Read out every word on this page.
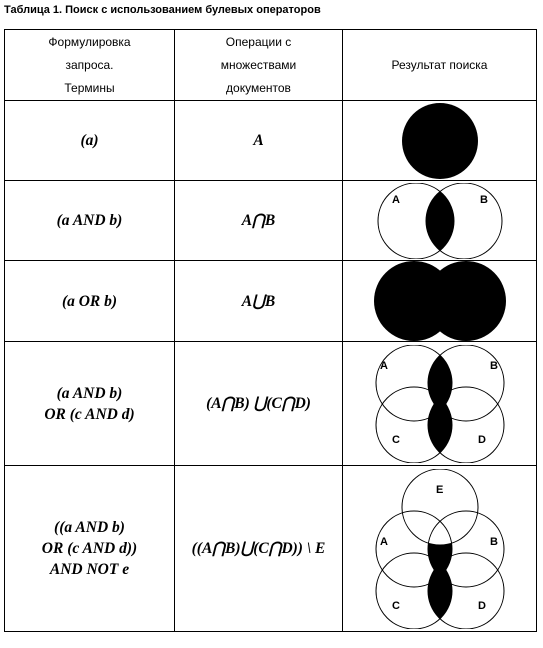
Таблица 1. Поиск с использованием булевых операторов
Формулировка
запроса.
Термины	Операции с
множествами
документов	Результат поиска

(a)	A	

(a AND b)	A⋂B	A B

(a OR b)	A⋃B	

(a AND b)
OR (c AND d)	(A⋂B) ⋃(C⋂D)	A B
C D

((a AND b)
OR (c AND d))
AND NOT e	((A⋂B)⋃(C⋂D)) \ E	E
A B
C D
